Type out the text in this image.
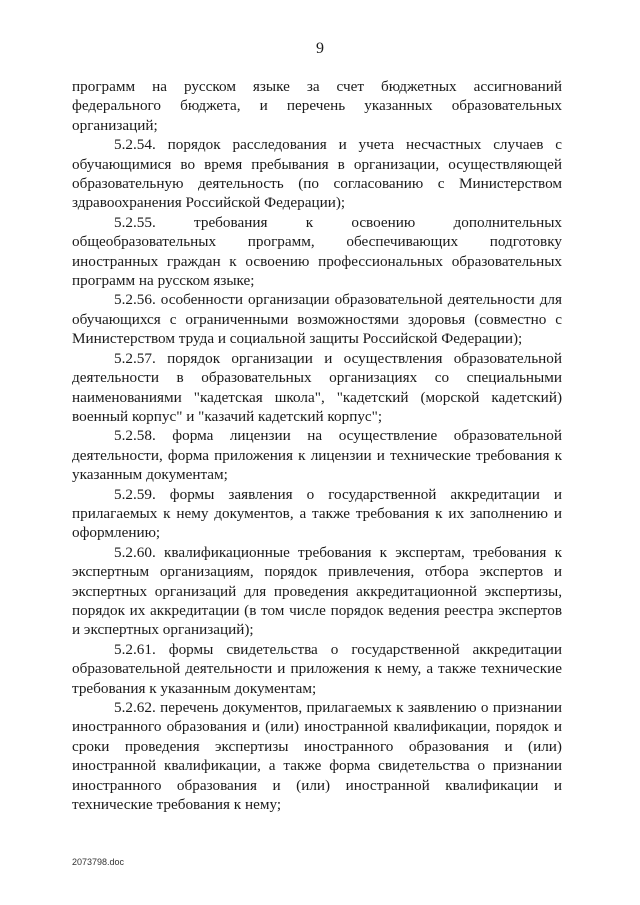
9

программ на русском языке за счет бюджетных ассигнований федерального бюджета, и перечень указанных образовательных организаций;

5.2.54. порядок расследования и учета несчастных случаев с обучающимися во время пребывания в организации, осуществляющей образовательную деятельность (по согласованию с Министерством здравоохранения Российской Федерации);

5.2.55. требования к освоению дополнительных общеобразовательных программ, обеспечивающих подготовку иностранных граждан к освоению профессиональных образовательных программ на русском языке;

5.2.56. особенности организации образовательной деятельности для обучающихся с ограниченными возможностями здоровья (совместно с Министерством труда и социальной защиты Российской Федерации);

5.2.57. порядок организации и осуществления образовательной деятельности в образовательных организациях со специальными наименованиями "кадетская школа", "кадетский (морской кадетский) военный корпус" и "казачий кадетский корпус";

5.2.58. форма лицензии на осуществление образовательной деятельности, форма приложения к лицензии и технические требования к указанным документам;

5.2.59. формы заявления о государственной аккредитации и прилагаемых к нему документов, а также требования к их заполнению и оформлению;

5.2.60. квалификационные требования к экспертам, требования к экспертным организациям, порядок привлечения, отбора экспертов и экспертных организаций для проведения аккредитационной экспертизы, порядок их аккредитации (в том числе порядок ведения реестра экспертов и экспертных организаций);

5.2.61. формы свидетельства о государственной аккредитации образовательной деятельности и приложения к нему, а также технические требования к указанным документам;

5.2.62. перечень документов, прилагаемых к заявлению о признании иностранного образования и (или) иностранной квалификации, порядок и сроки проведения экспертизы иностранного образования и (или) иностранной квалификации, а также форма свидетельства о признании иностранного образования и (или) иностранной квалификации и технические требования к нему;

2073798.doc
